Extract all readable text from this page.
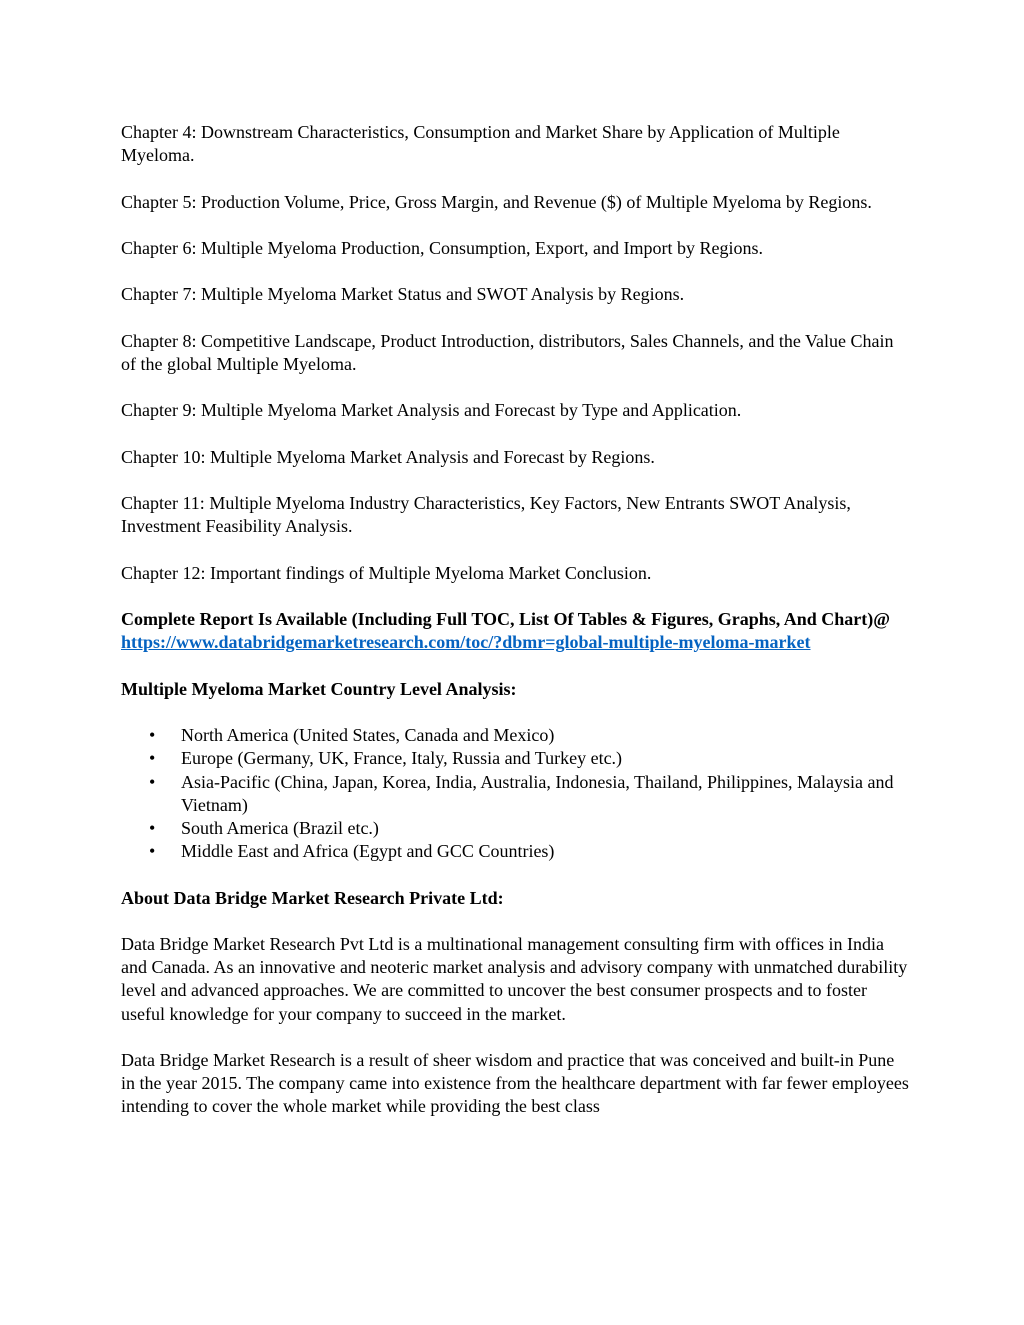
Chapter 4: Downstream Characteristics, Consumption and Market Share by Application of Multiple Myeloma.

Chapter 5: Production Volume, Price, Gross Margin, and Revenue ($) of Multiple Myeloma by Regions.

Chapter 6: Multiple Myeloma Production, Consumption, Export, and Import by Regions.

Chapter 7: Multiple Myeloma Market Status and SWOT Analysis by Regions.

Chapter 8: Competitive Landscape, Product Introduction, distributors, Sales Channels, and the Value Chain of the global Multiple Myeloma.

Chapter 9: Multiple Myeloma Market Analysis and Forecast by Type and Application.

Chapter 10: Multiple Myeloma Market Analysis and Forecast by Regions.

Chapter 11: Multiple Myeloma Industry Characteristics, Key Factors, New Entrants SWOT Analysis, Investment Feasibility Analysis.

Chapter 12: Important findings of Multiple Myeloma Market Conclusion.

Complete Report Is Available (Including Full TOC, List Of Tables & Figures, Graphs, And Chart)@ https://www.databridgemarketresearch.com/toc/?dbmr=global-multiple-myeloma-market

Multiple Myeloma Market Country Level Analysis:

• North America (United States, Canada and Mexico)
• Europe (Germany, UK, France, Italy, Russia and Turkey etc.)
• Asia-Pacific (China, Japan, Korea, India, Australia, Indonesia, Thailand, Philippines, Malaysia and Vietnam)
• South America (Brazil etc.)
• Middle East and Africa (Egypt and GCC Countries)

About Data Bridge Market Research Private Ltd:

Data Bridge Market Research Pvt Ltd is a multinational management consulting firm with offices in India and Canada. As an innovative and neoteric market analysis and advisory company with unmatched durability level and advanced approaches. We are committed to uncover the best consumer prospects and to foster useful knowledge for your company to succeed in the market.

Data Bridge Market Research is a result of sheer wisdom and practice that was conceived and built-in Pune in the year 2015. The company came into existence from the healthcare department with far fewer employees intending to cover the whole market while providing the best class
